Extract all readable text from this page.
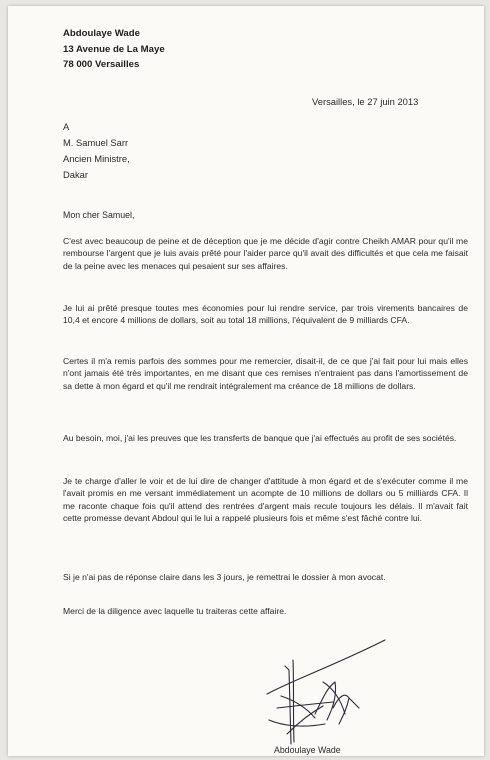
Abdoulaye Wade
13 Avenue de La Maye
78 000 Versailles
Versailles, le 27 juin 2013
A
M. Samuel Sarr
Ancien Ministre,
Dakar
Mon cher Samuel,

C'est avec beaucoup de peine et de déception que je me décide d'agir contre Cheikh AMAR pour qu'il me rembourse l'argent que je luis avais prêté pour l'aider parce qu'il avait des difficultés et que cela me faisait de la peine avec les menaces qui pesaient sur ses affaires.

Je lui ai prêté presque toutes mes économies pour lui rendre service, par trois virements bancaires de 10,4 et encore 4 millions de dollars, soit au total 18 millions, l'équivalent de 9 milliards CFA.

Certes il m'a remis parfois des sommes pour me remercier, disait-il, de ce que j'ai fait pour lui mais elles n'ont jamais été très importantes, en me disant que ces remises n'entraient pas dans l'amortissement de sa dette à mon égard et qu'il me rendrait intégralement ma créance de 18 millions de dollars.

Au besoin, moi, j'ai les preuves que les transferts de banque que j'ai effectués au profit de ses sociétés.

Je te charge d'aller le voir et de lui dire de changer d'attitude à mon égard et de s'exécuter comme il me l'avait promis en me versant immédiatement un acompte de 10 millions de dollars ou 5 milliards CFA. Il me raconte chaque fois qu'il attend des rentrées d'argent mais recule toujours les délais. Il m'avait fait cette promesse devant Abdoul qui le lui a rappelé plusieurs fois et même s'est fâché contre lui.

Si je n'ai pas de réponse claire dans les 3 jours, je remettrai le dossier à mon avocat.

Merci de la diligence avec laquelle tu traiteras cette affaire.

Abdoulaye Wade
